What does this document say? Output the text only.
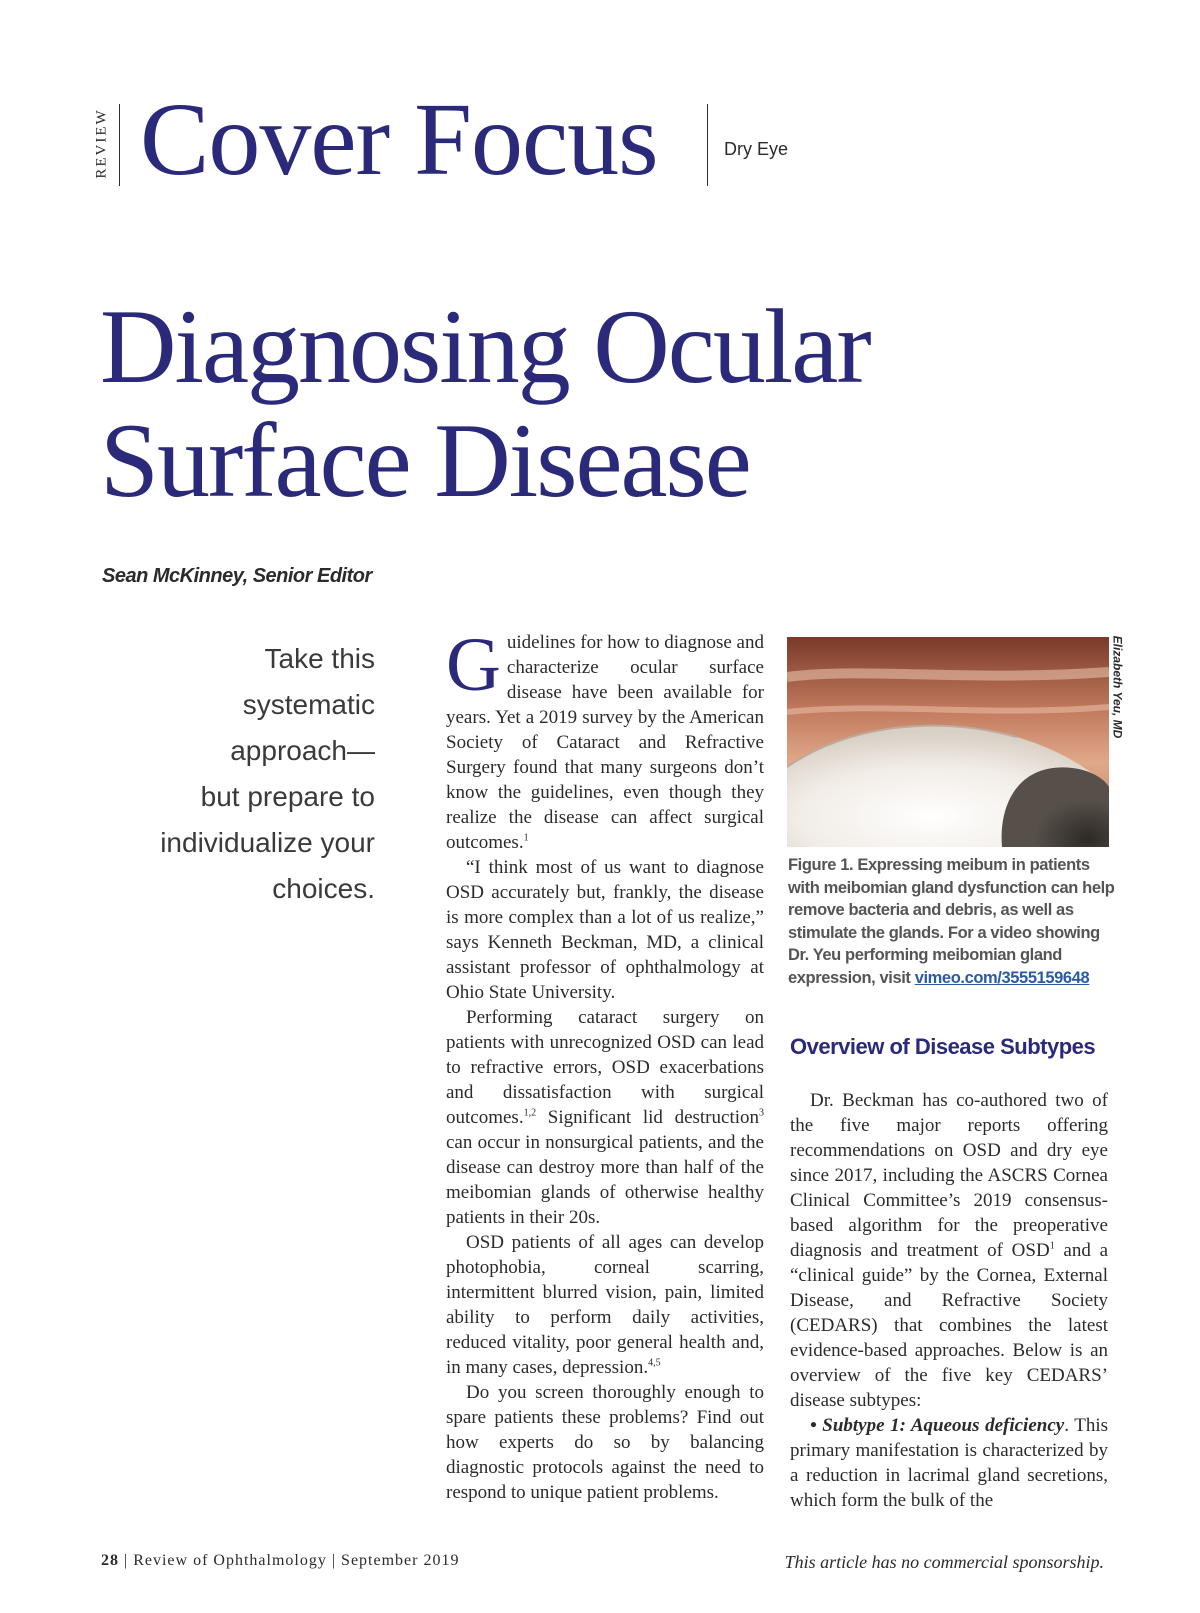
REVIEW Cover Focus	Dry Eye
Diagnosing Ocular
Surface Disease
Sean McKinney, Senior Editor
Take this
systematic
approach—
but prepare to
individualize your
choices.

Guidelines for how to diagnose and characterize ocular surface disease have been available for years. Yet a 2019 survey by the American Society of Cataract and Refractive Surgery found that many surgeons don’t know the guidelines, even though they realize the disease can affect surgical outcomes.$^1$

“I think most of us want to diagnose OSD accurately but, frankly, the disease is more complex than a lot of us realize,” says Kenneth Beckman, MD, a clinical assistant professor of ophthalmology at Ohio State University.

Performing cataract surgery on patients with unrecognized OSD can lead to refractive errors, OSD exacerbations and dissatisfaction with surgical outcomes.$^{1,2}$ Significant lid destruction$^3$ can occur in nonsurgical patients, and the disease can destroy more than half of the meibomian glands of otherwise healthy patients in their 20s.

OSD patients of all ages can develop photophobia, corneal scarring, intermittent blurred vision, pain, limited ability to perform daily activities, reduced vitality, poor general health and, in many cases, depression.$^{4,5}$

Do you screen thoroughly enough to spare patients these problems? Find out how experts do so by balancing diagnostic protocols against the need to respond to unique patient problems.

Elizabeth Yeu, MD
Figure 1. Expressing meibum in patients with meibomian gland dysfunction can help remove bacteria and debris, as well as stimulate the glands. For a video showing Dr. Yeu performing meibomian gland expression, visit vimeo.com/3555159648
Overview of Disease Subtypes

Dr. Beckman has co-authored two of the five major reports offering recommendations on OSD and dry eye since 2017, including the ASCRS Cornea Clinical Committee’s 2019 consensus-based algorithm for the preoperative diagnosis and treatment of OSD$^1$ and a “clinical guide” by the Cornea, External Disease, and Refractive Society (CEDARS) that combines the latest evidence-based approaches. Below is an overview of the five key CEDARS’ disease subtypes:

• Subtype 1: Aqueous deficiency. This primary manifestation is characterized by a reduction in lacrimal gland secretions, which form the bulk of the

28 | Review of Ophthalmology | September 2019	This article has no commercial sponsorship.
